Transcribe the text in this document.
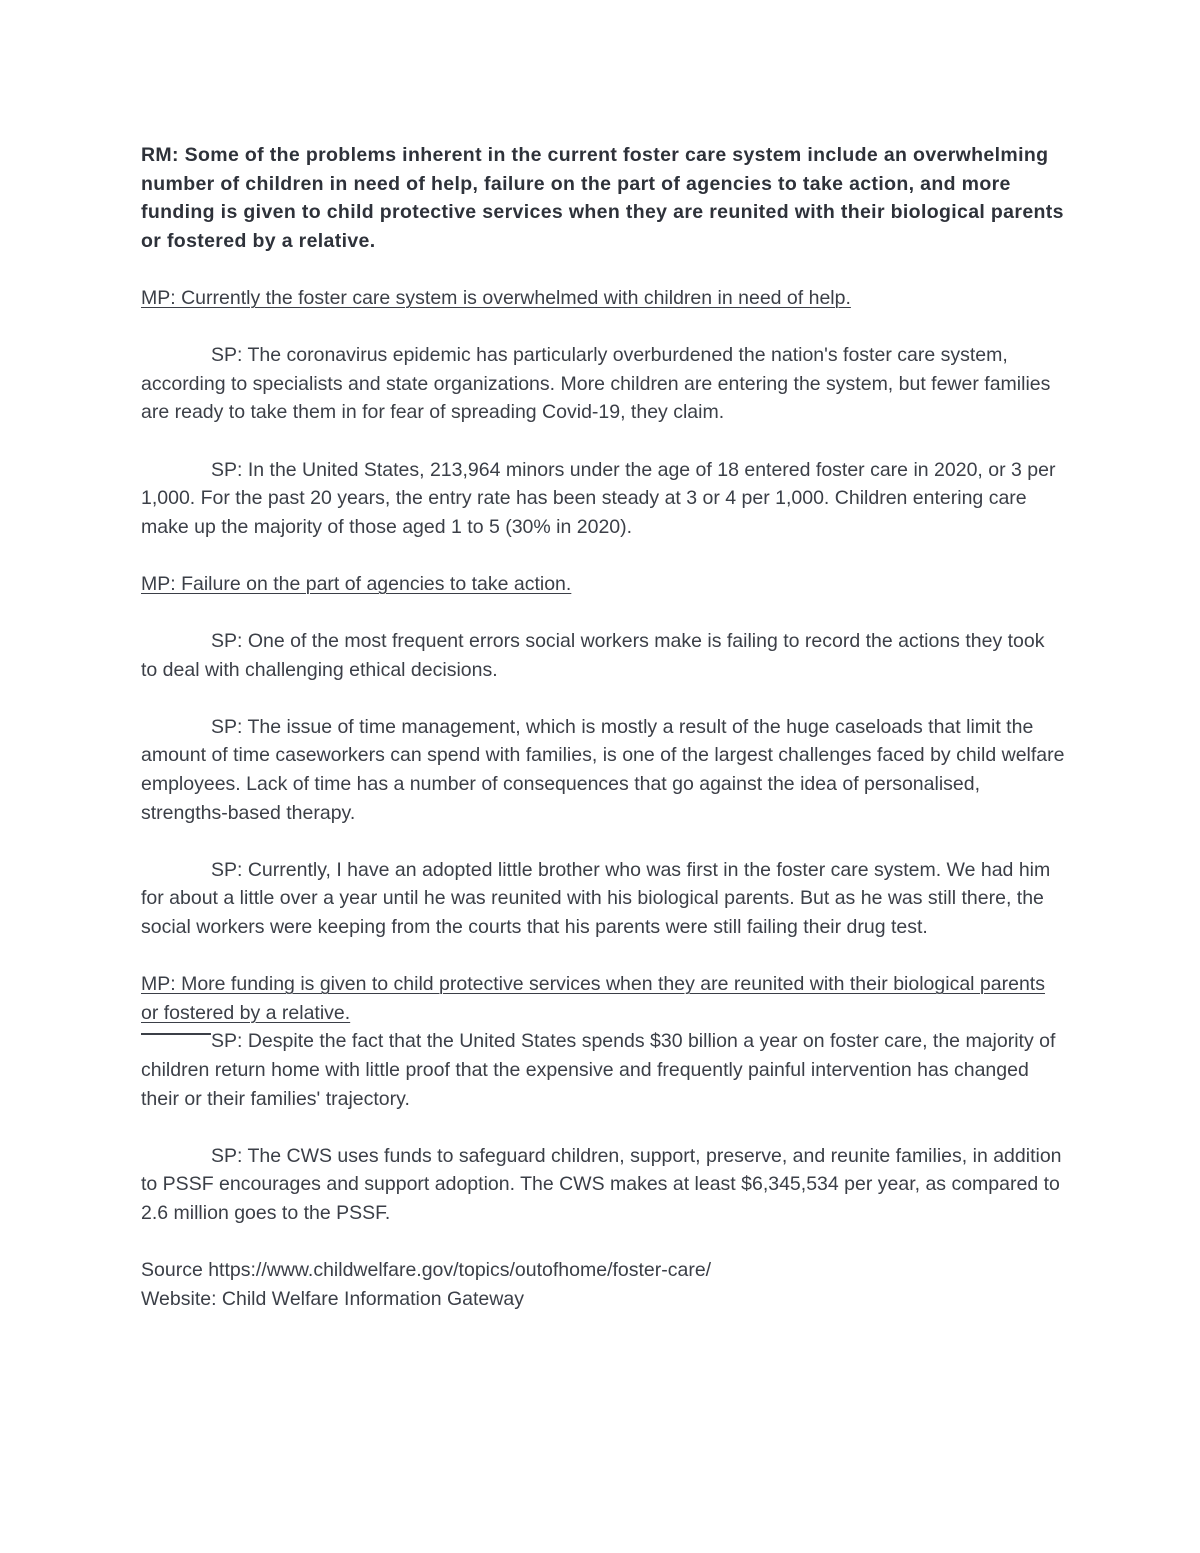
RM: Some of the problems inherent in the current foster care system include an overwhelming number of children in need of help, failure on the part of agencies to take action, and more funding is given to child protective services when they are reunited with their biological parents or fostered by a relative.

MP: Currently the foster care system is overwhelmed with children in need of help.

SP: The coronavirus epidemic has particularly overburdened the nation's foster care system, according to specialists and state organizations. More children are entering the system, but fewer families are ready to take them in for fear of spreading Covid-19, they claim.

SP: In the United States, 213,964 minors under the age of 18 entered foster care in 2020, or 3 per 1,000. For the past 20 years, the entry rate has been steady at 3 or 4 per 1,000. Children entering care make up the majority of those aged 1 to 5 (30% in 2020).

MP: Failure on the part of agencies to take action.

SP: One of the most frequent errors social workers make is failing to record the actions they took to deal with challenging ethical decisions.

SP: The issue of time management, which is mostly a result of the huge caseloads that limit the amount of time caseworkers can spend with families, is one of the largest challenges faced by child welfare employees. Lack of time has a number of consequences that go against the idea of personalised, strengths-based therapy.

SP: Currently, I have an adopted little brother who was first in the foster care system. We had him for about a little over a year until he was reunited with his biological parents. But as he was still there, the social workers were keeping from the courts that his parents were still failing their drug test.

MP: More funding is given to child protective services when they are reunited with their biological parents or fostered by a relative.

SP: Despite the fact that the United States spends $30 billion a year on foster care, the majority of children return home with little proof that the expensive and frequently painful intervention has changed their or their families' trajectory.

SP: The CWS uses funds to safeguard children, support, preserve, and reunite families, in addition to PSSF encourages and support adoption. The CWS makes at least $6,345,534 per year, as compared to 2.6 million goes to the PSSF.

Source https://www.childwelfare.gov/topics/outofhome/foster-care/

Website: Child Welfare Information Gateway
